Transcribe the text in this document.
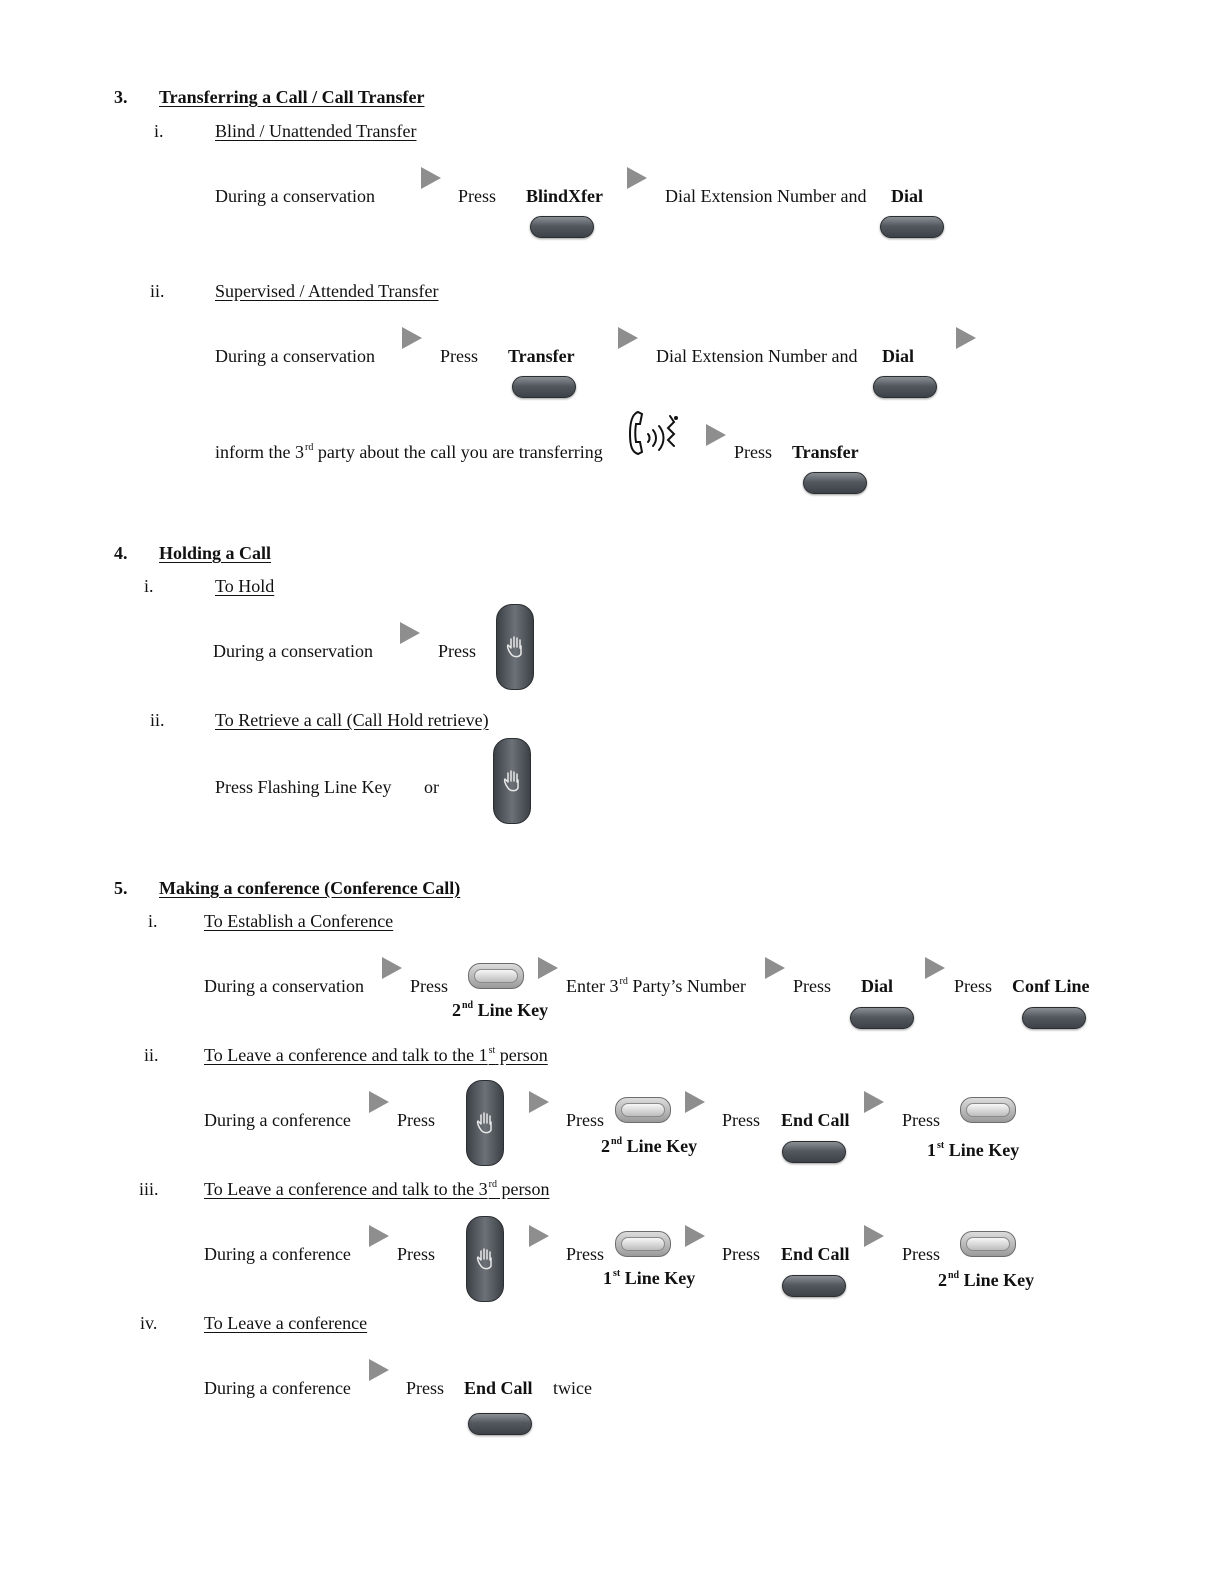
3. Transferring a Call / Call Transfer
i.	Blind / Unattended Transfer
During a conservation	Press BlindXfer	Dial Extension Number and Dial
ii.	Supervised / Attended Transfer
During a conservation	Press Transfer	Dial Extension Number and Dial
inform the 3rd party about the call you are transferring	Press Transfer
4. Holding a Call
i.	To Hold
During a conservation	Press
ii.	To Retrieve a call (Call Hold retrieve)
Press Flashing Line Key or
5. Making a conference (Conference Call)
i.	To Establish a Conference
During a conservation	Press
2nd Line Key
Enter 3rd Party’s Number	Press Dial	Press Conf Line
ii.	To Leave a conference and talk to the 1st person
During a conference	Press	Press
2nd Line Key
Press End Call	Press
1st Line Key
iii.	To Leave a conference and talk to the 3rd person
During a conference	Press	Press
1st Line Key
Press End Call	Press
2nd Line Key
iv.	To Leave a conference
During a conference	Press End Call twice
